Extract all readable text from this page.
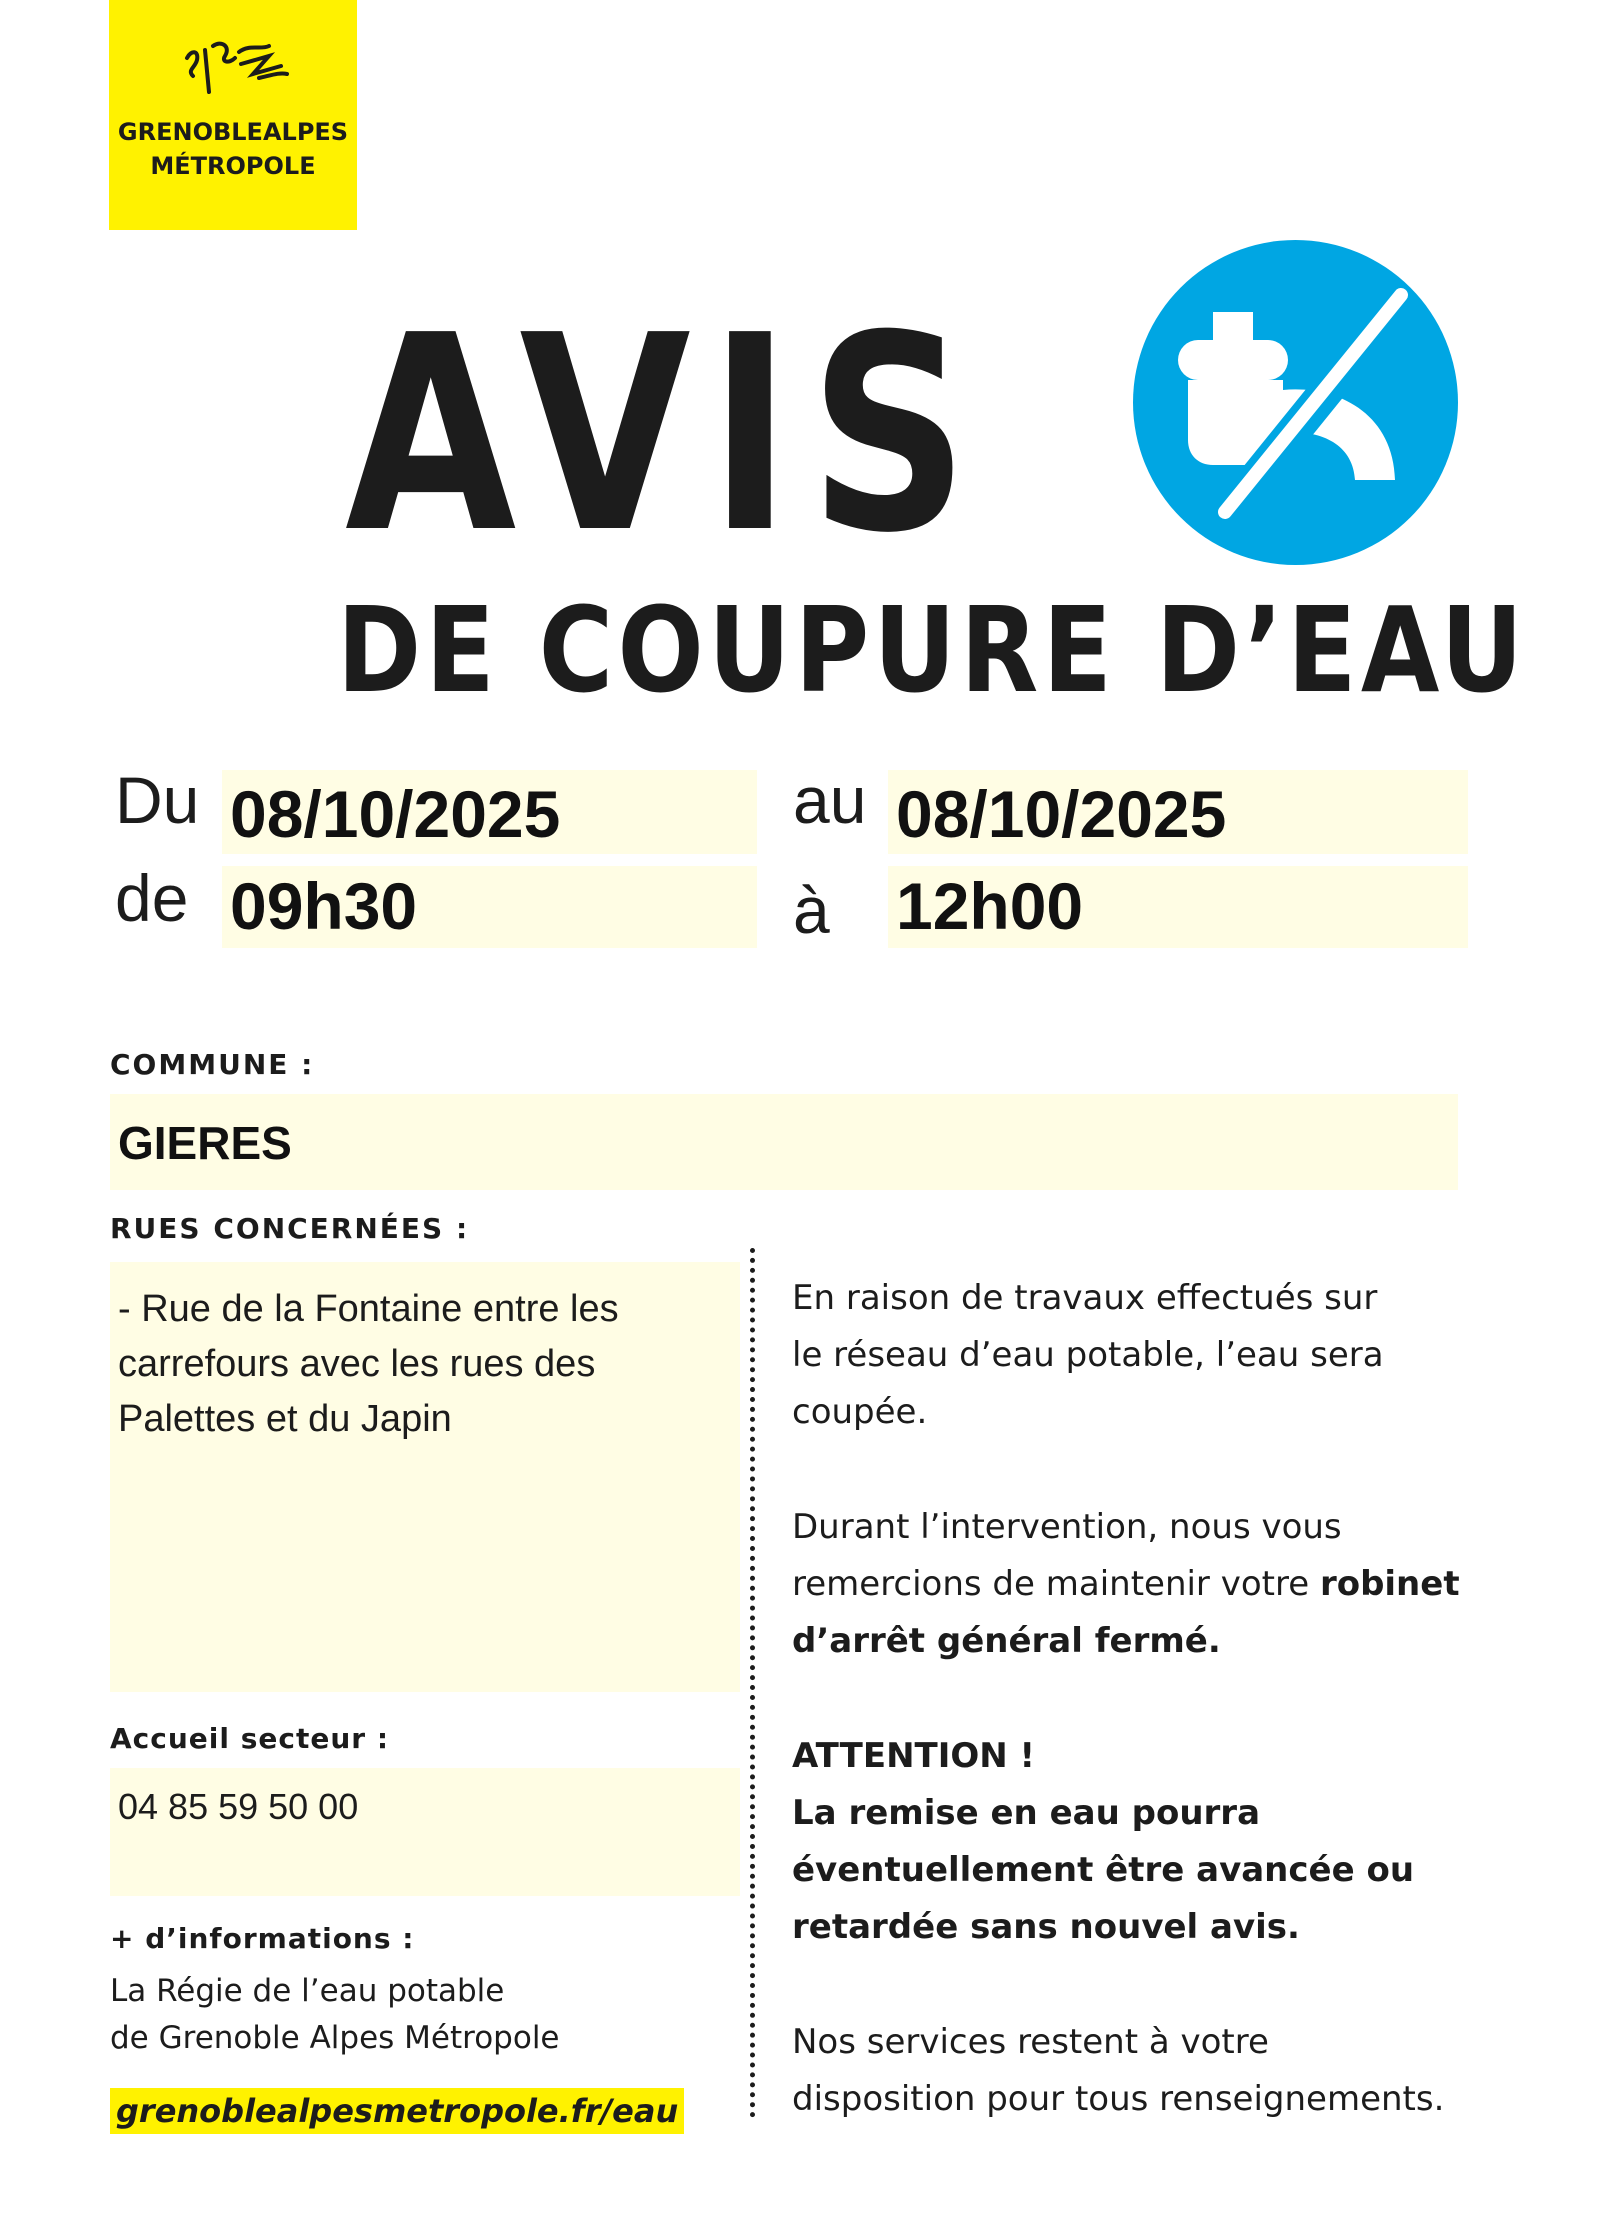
GRENOBLEALPES
MÉTROPOLE
AVIS
DE COUPURE D’EAU
Du 08/10/2025	au 08/10/2025
de 09h30	à 12h00
COMMUNE :
GIERES
RUES CONCERNÉES :
- Rue de la Fontaine entre les carrefours avec les rues des Palettes et du Japin
Accueil secteur :
04 85 59 50 00
+ d’informations :
La Régie de l’eau potable
de Grenoble Alpes Métropole
grenoblealpesmetropole.fr/eau
En raison de travaux effectués sur
le réseau d’eau potable, l’eau sera
coupée.
Durant l’intervention, nous vous
remercions de maintenir votre robinet
d’arrêt général fermé.
ATTENTION !
La remise en eau pourra
éventuellement être avancée ou
retardée sans nouvel avis.
Nos services restent à votre
disposition pour tous renseignements.
